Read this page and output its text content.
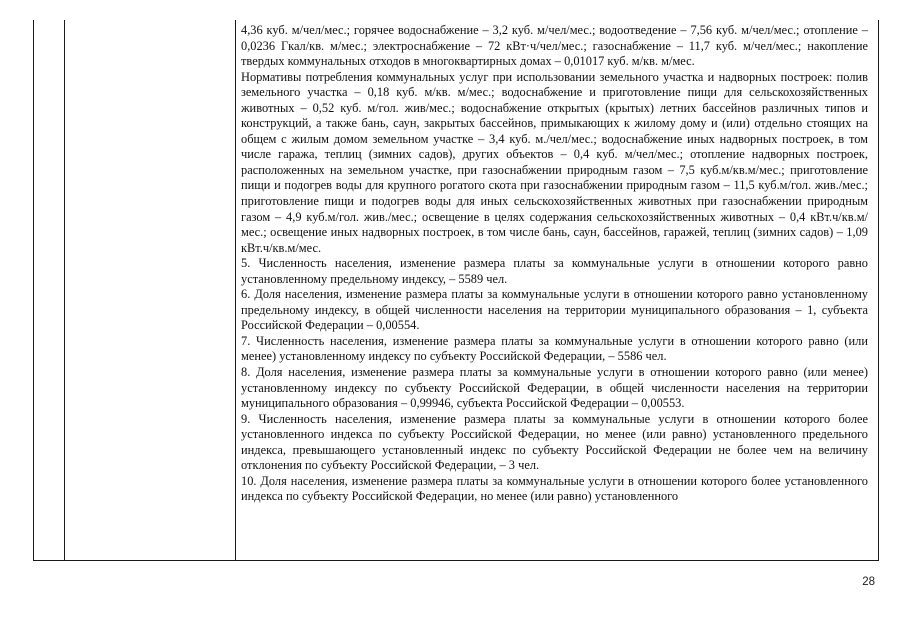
4,36 куб. м/чел/мес.; горячее водоснабжение – 3,2 куб. м/чел/мес.; водоотведение – 7,56 куб. м/чел/мес.; отопление – 0,0236 Гкал/кв. м/мес.; электроснабжение – 72 кВт·ч/чел/мес.; газоснабжение – 11,7 куб. м/чел/мес.; накопление твердых коммунальных отходов в многоквартирных домах – 0,01017 куб. м/кв. м/мес.

Нормативы потребления коммунальных услуг при использовании земельного участка и надворных построек: полив земельного участка – 0,18 куб. м/кв. м/мес.; водоснабжение и приготовление пищи для сельскохозяйственных животных – 0,52 куб. м/гол. жив/мес.; водоснабжение открытых (крытых) летних бассейнов различных типов и конструкций, а также бань, саун, закрытых бассейнов, примыкающих к жилому дому и (или) отдельно стоящих на общем с жилым домом земельном участке – 3,4 куб. м./чел/мес.; водоснабжение иных надворных построек, в том числе гаража, теплиц (зимних садов), других объектов – 0,4 куб. м/чел/мес.; отопление надворных построек, расположенных на земельном участке, при газоснабжении природным газом – 7,5 куб.м/кв.м/мес.; приготовление пищи и подогрев воды для крупного рогатого скота при газоснабжении природным газом – 11,5 куб.м/гол. жив./мес.; приготовление пищи и подогрев воды для иных сельскохозяйственных животных при газоснабжении природным газом – 4,9 куб.м/гол. жив./мес.; освещение в целях содержания сельскохозяйственных животных – 0,4 кВт.ч/кв.м/мес.; освещение иных надворных построек, в том числе бань, саун, бассейнов, гаражей, теплиц (зимних садов) – 1,09 кВт.ч/кв.м/мес.

5. Численность населения, изменение размера платы за коммунальные услуги в отношении которого равно установленному предельному индексу, – 5589 чел.

6. Доля населения, изменение размера платы за коммунальные услуги в отношении которого равно установленному предельному индексу, в общей численности населения на территории муниципального образования – 1, субъекта Российской Федерации – 0,00554.

7. Численность населения, изменение размера платы за коммунальные услуги в отношении которого равно (или менее) установленному индексу по субъекту Российской Федерации, – 5586 чел.

8. Доля населения, изменение размера платы за коммунальные услуги в отношении которого равно (или менее) установленному индексу по субъекту Российской Федерации, в общей численности населения на территории муниципального образования – 0,99946, субъекта Российской Федерации – 0,00553.

9. Численность населения, изменение размера платы за коммунальные услуги в отношении которого более установленного индекса по субъекту Российской Федерации, но менее (или равно) установленного предельного индекса, превышающего установленный индекс по субъекту Российской Федерации не более чем на величину отклонения по субъекту Российской Федерации, – 3 чел.

10. Доля населения, изменение размера платы за коммунальные услуги в отношении которого более установленного индекса по субъекту Российской Федерации, но менее (или равно) установленного

28
